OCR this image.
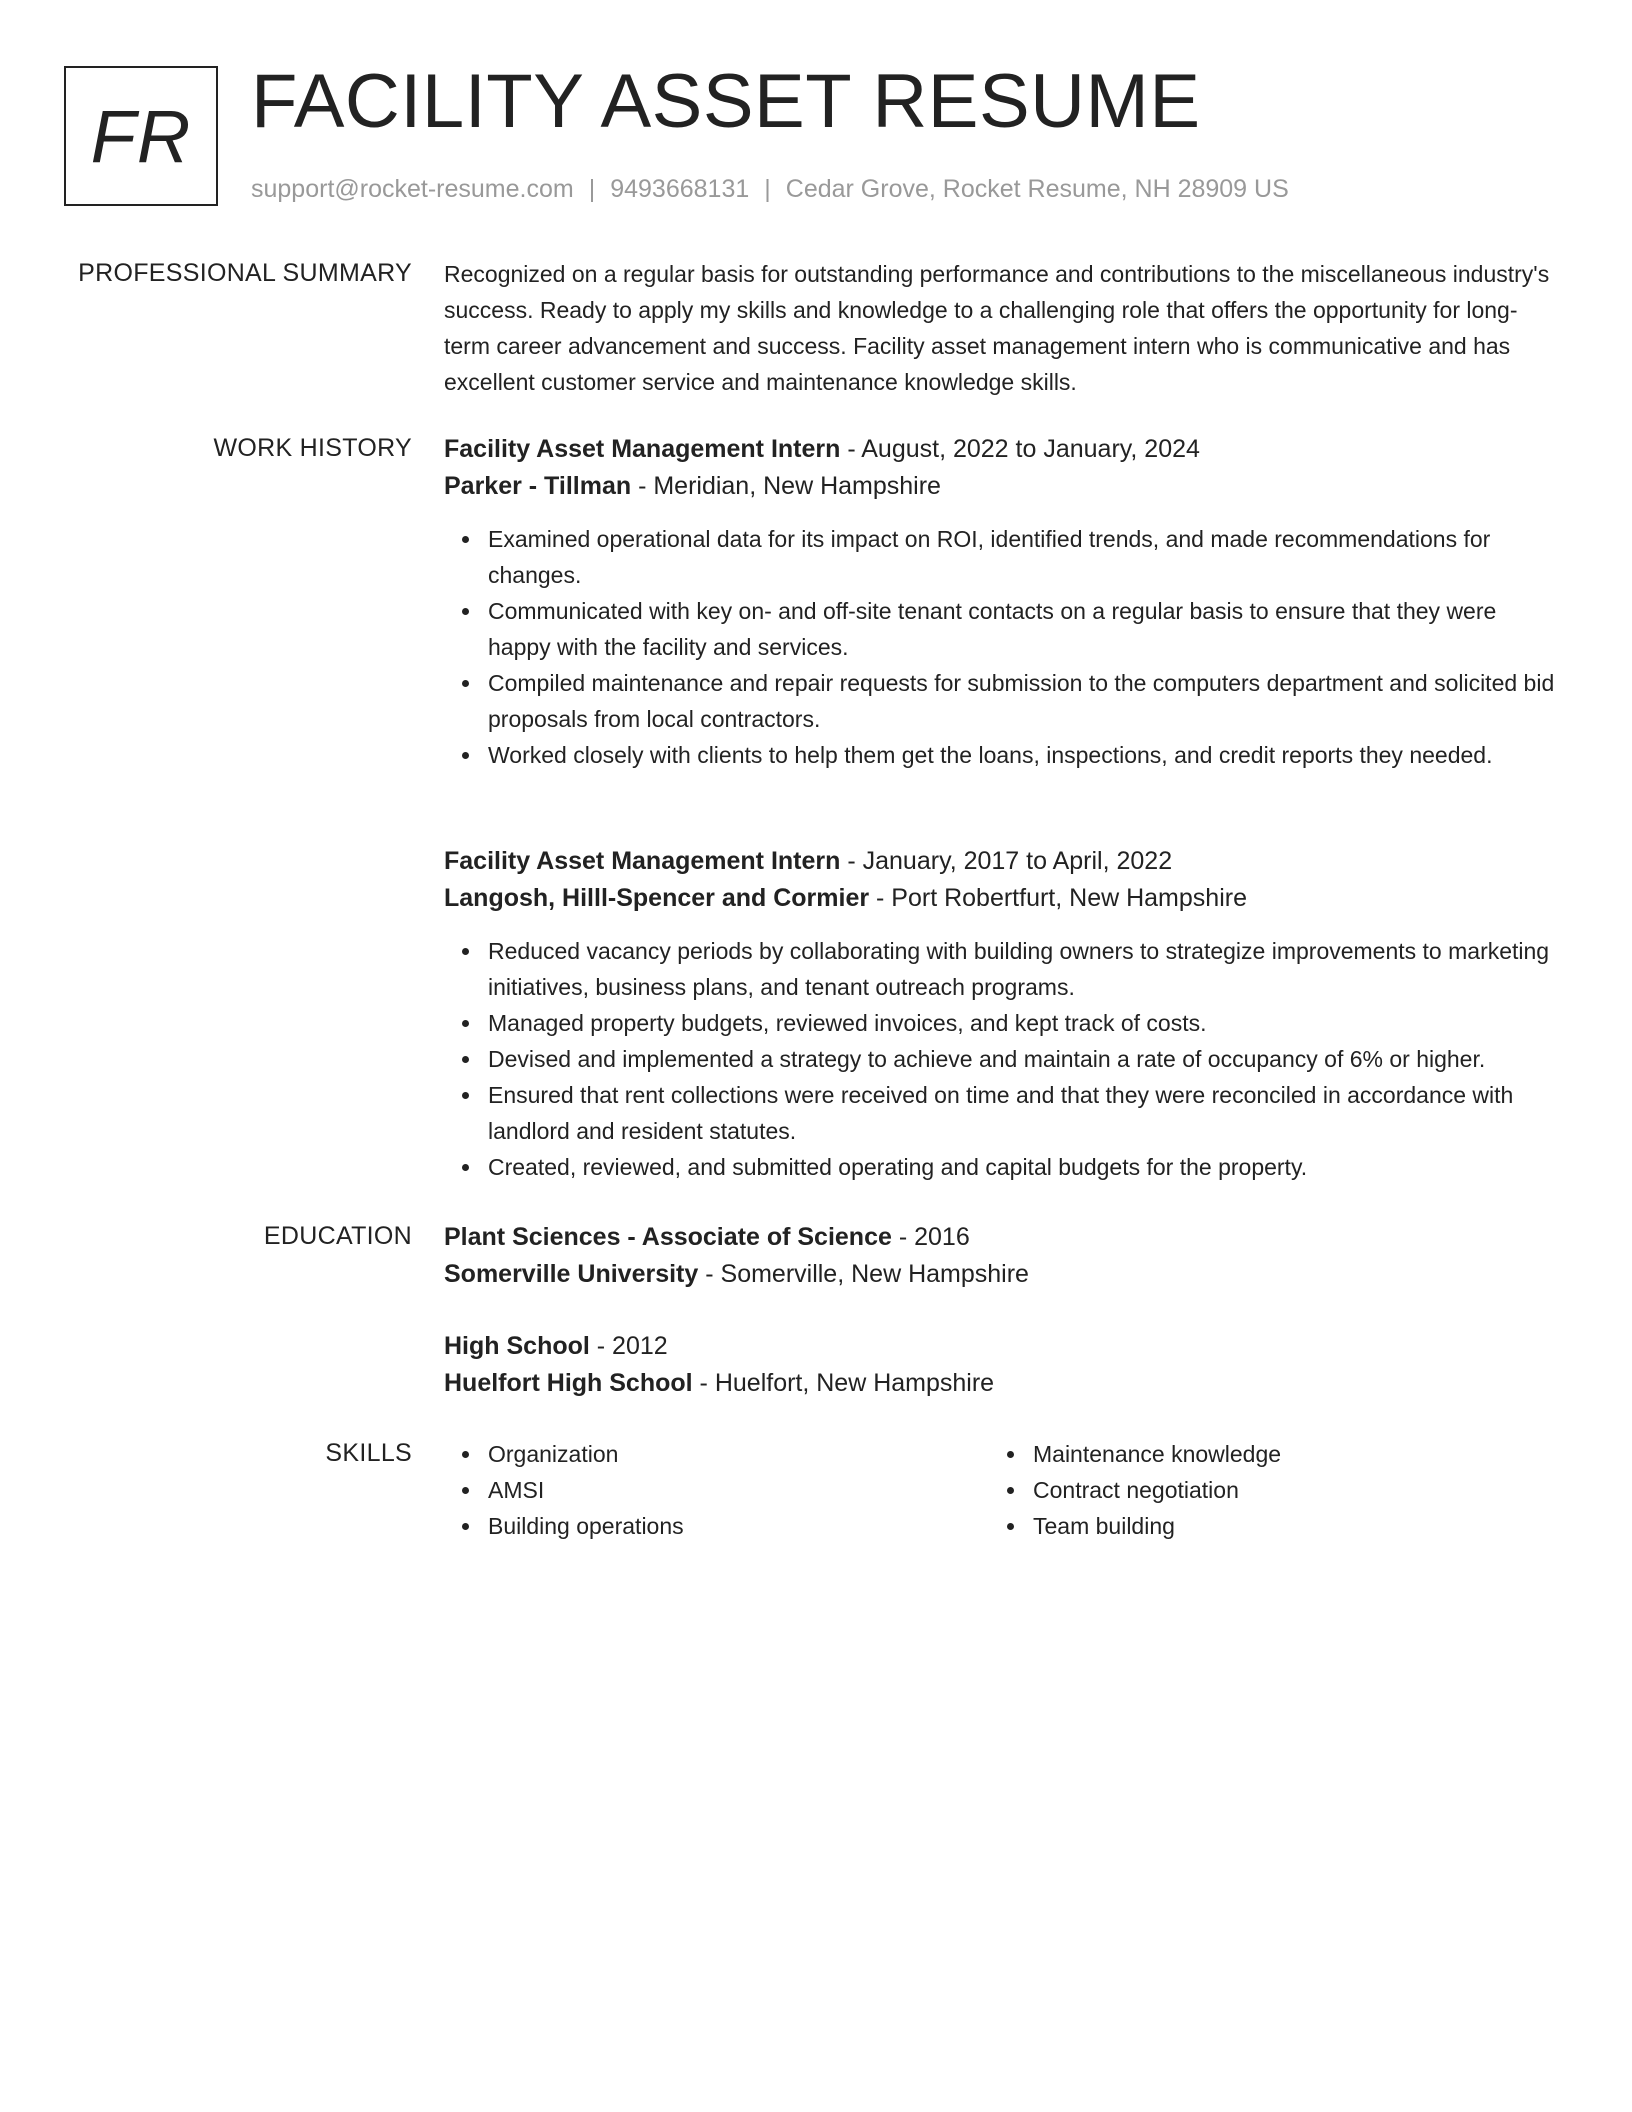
FR FACILITY ASSET RESUME
support@rocket-resume.com | 9493668131 | Cedar Grove, Rocket Resume, NH 28909 US
PROFESSIONAL SUMMARY Recognized on a regular basis for outstanding performance and contributions to the miscellaneous industry's success. Ready to apply my skills and knowledge to a challenging role that offers the opportunity for long-term career advancement and success. Facility asset management intern who is communicative and has excellent customer service and maintenance knowledge skills.

WORK HISTORY Facility Asset Management Intern - August, 2022 to January, 2024
Parker - Tillman - Meridian, New Hampshire
Examined operational data for its impact on ROI, identified trends, and made recommendations for changes.
Communicated with key on- and off-site tenant contacts on a regular basis to ensure that they were happy with the facility and services.
Compiled maintenance and repair requests for submission to the computers department and solicited bid proposals from local contractors.
Worked closely with clients to help them get the loans, inspections, and credit reports they needed.
Facility Asset Management Intern - January, 2017 to April, 2022
Langosh, Hilll-Spencer and Cormier - Port Robertfurt, New Hampshire
Reduced vacancy periods by collaborating with building owners to strategize improvements to marketing initiatives, business plans, and tenant outreach programs.
Managed property budgets, reviewed invoices, and kept track of costs.
Devised and implemented a strategy to achieve and maintain a rate of occupancy of 6% or higher.
Ensured that rent collections were received on time and that they were reconciled in accordance with landlord and resident statutes.
Created, reviewed, and submitted operating and capital budgets for the property.
EDUCATION Plant Sciences - Associate of Science - 2016
Somerville University - Somerville, New Hampshire
High School - 2012
Huelfort High School - Huelfort, New Hampshire
SKILLS	Organization
AMSI
Building operations
Maintenance knowledge
Contract negotiation
Team building
